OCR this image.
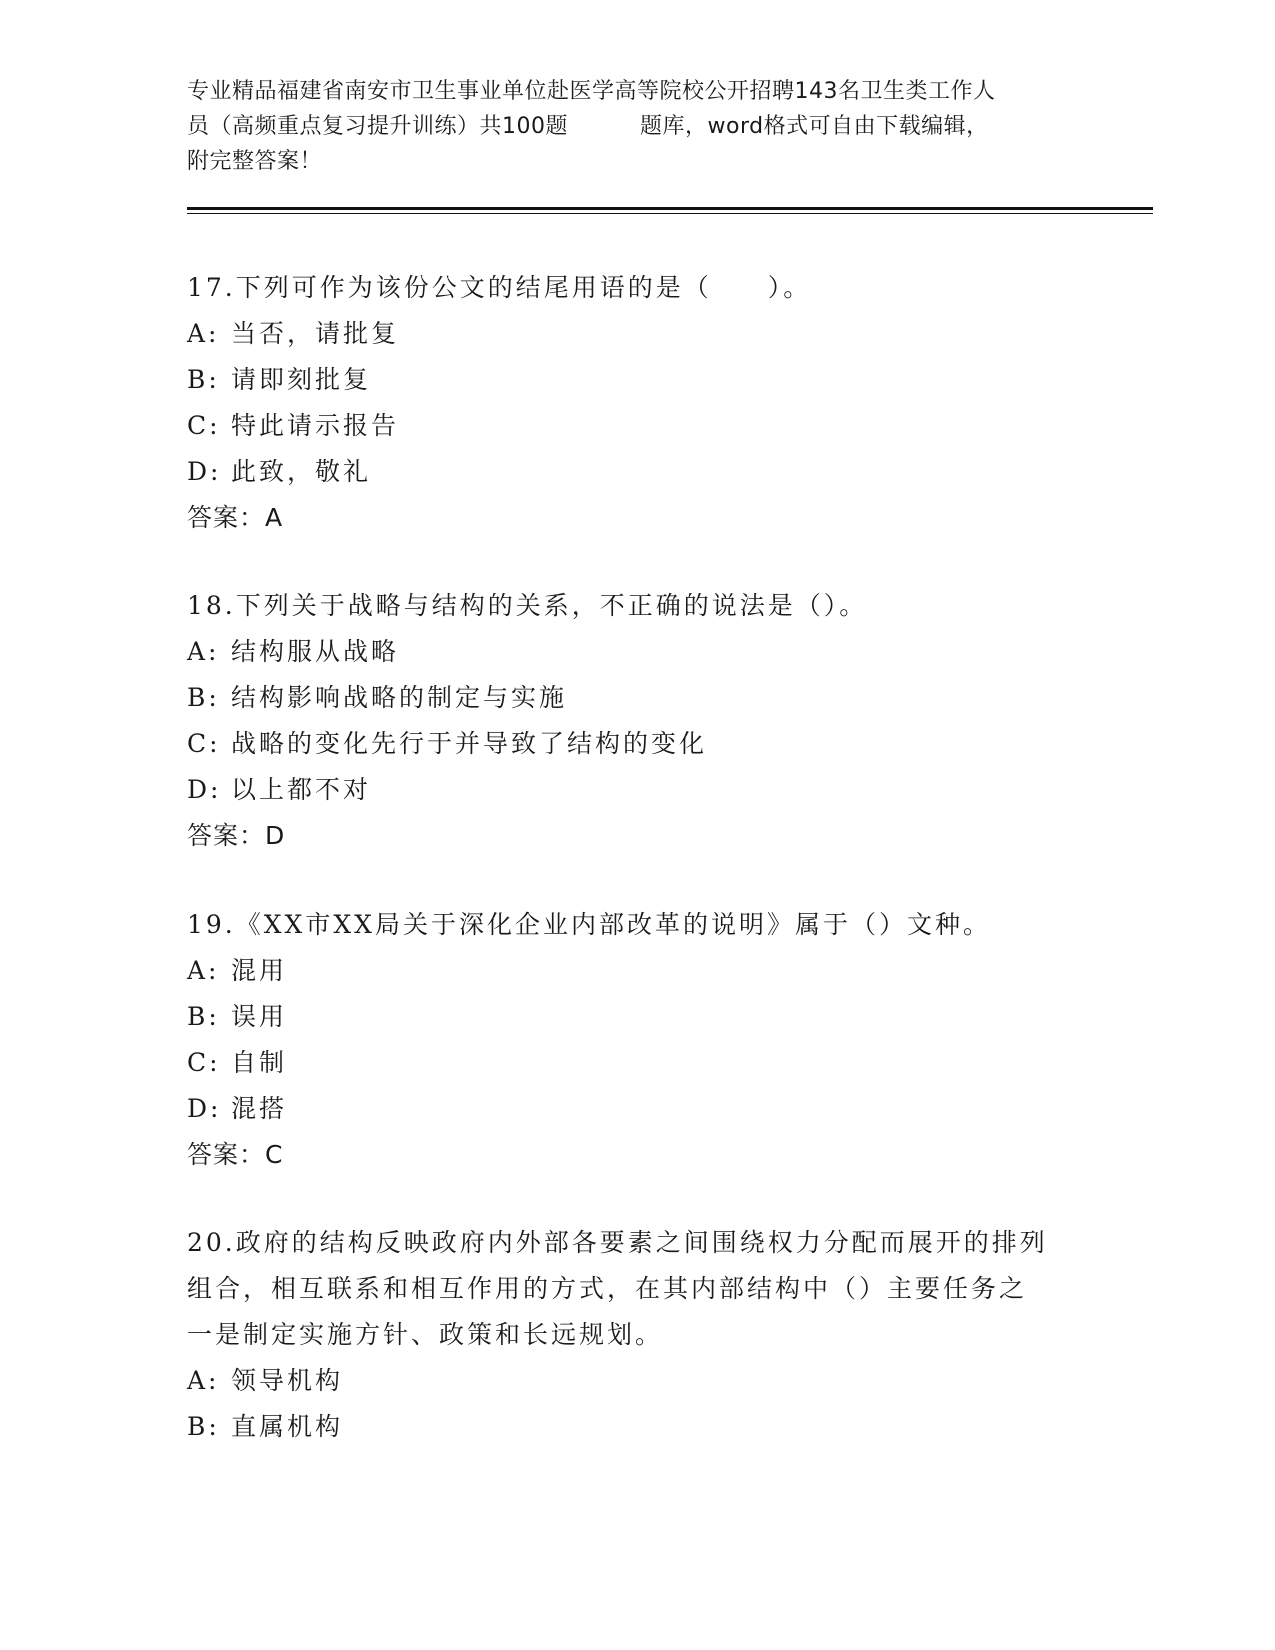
专业精品福建省南安市卫生事业单位赴医学高等院校公开招聘143名卫生类工作人
员（高频重点复习提升训练）共100题	题库，word格式可自由下载编辑，
附完整答案！
17.下列可作为该份公文的结尾用语的是（　　）。
A: 当否，请批复
B: 请即刻批复
C: 特此请示报告
D: 此致，敬礼
答案：A
18.下列关于战略与结构的关系，不正确的说法是（）。
A: 结构服从战略
B: 结构影响战略的制定与实施
C: 战略的变化先行于并导致了结构的变化
D: 以上都不对
答案：D
19.《XX市XX局关于深化企业内部改革的说明》属于（）文种。
A: 混用
B: 误用
C: 自制
D: 混搭
答案：C
20.政府的结构反映政府内外部各要素之间围绕权力分配而展开的排列
组合，相互联系和相互作用的方式，在其内部结构中（）主要任务之
一是制定实施方针、政策和长远规划。
A: 领导机构
B: 直属机构
